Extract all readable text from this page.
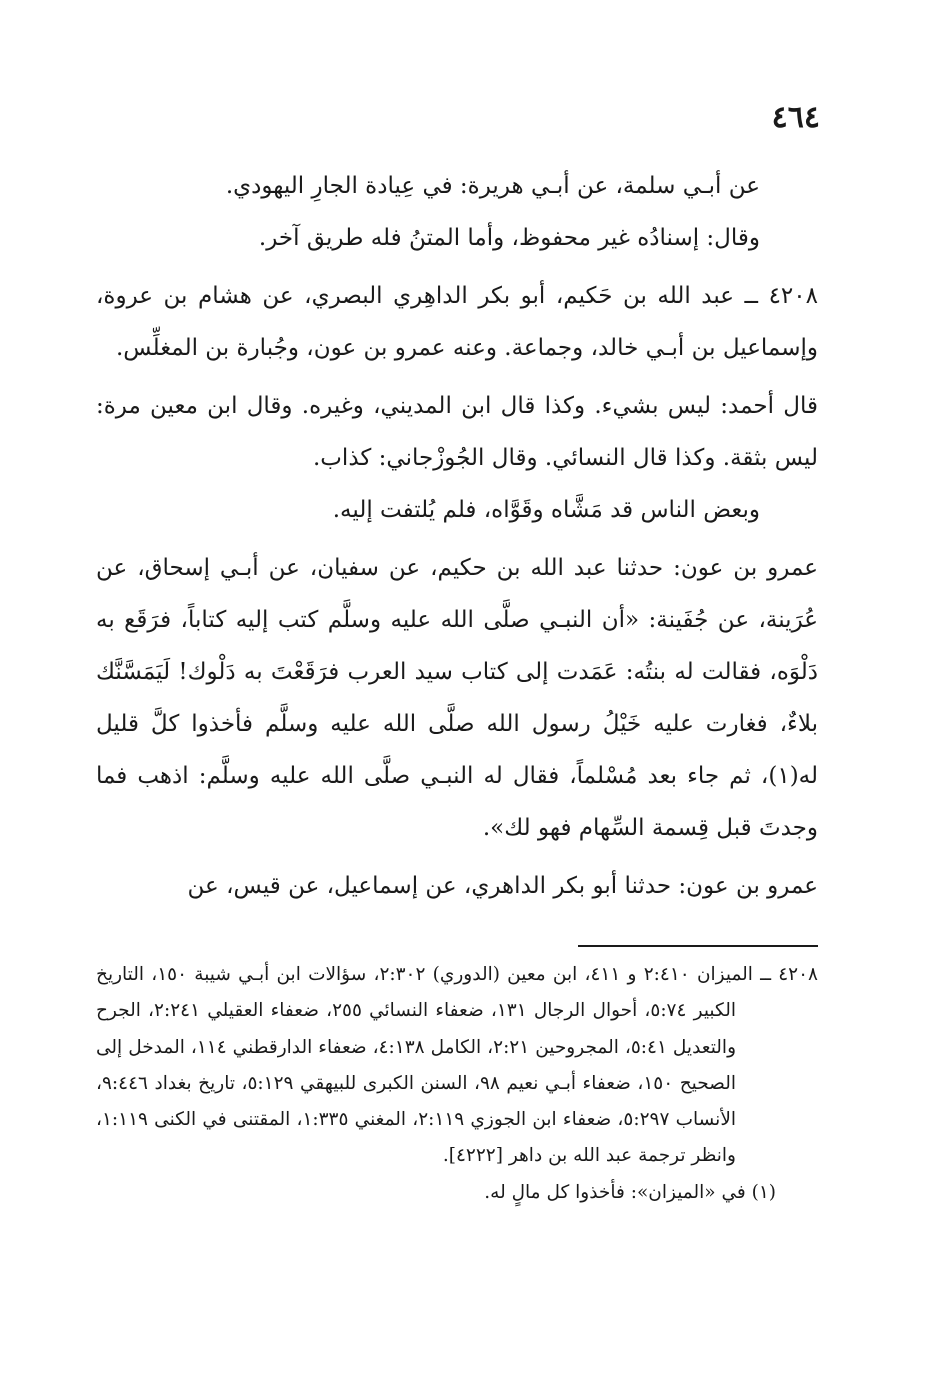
٤٦٤

عن أبـي سلمة، عن أبـي هريرة: في عِيادة الجارِ اليهودي.

وقال: إسنادُه غير محفوظ، وأما المتنُ فله طريق آخر.

٤٢٠٨ ــ عبد الله بن حَكيم، أبو بكر الداهِري البصري، عن هشام بن عروة، وإسماعيل بن أبـي خالد، وجماعة. وعنه عمرو بن عون، وجُبارة بن المغلِّس.

قال أحمد: ليس بشيء. وكذا قال ابن المديني، وغيره. وقال ابن معين مرة: ليس بثقة. وكذا قال النسائي. وقال الجُوزْجاني: كذاب.

وبعض الناس قد مَشَّاه وقَوَّاه، فلم يُلتفت إليه.

عمرو بن عون: حدثنا عبد الله بن حكيم، عن سفيان، عن أبـي إسحاق، عن عُرَينة، عن جُفَينة: «أن النبـي صلَّى الله عليه وسلَّم كتب إليه كتاباً، فرَقَع به دَلْوَه، فقالت له بنتُه: عَمَدت إلى كتاب سيد العرب فرَقَعْتَ به دَلْوك! لَيَمَسَّنَّك بلاءٌ، فغارت عليه خَيْلُ رسول الله صلَّى الله عليه وسلَّم فأخذوا كلَّ قليل له(١)، ثم جاء بعد مُسْلماً، فقال له النبـي صلَّى الله عليه وسلَّم: اذهب فما وجدتَ قبل قِسمة السِّهام فهو لك».

عمرو بن عون: حدثنا أبو بكر الداهري، عن إسماعيل، عن قيس، عن

٤٢٠٨ ــ الميزان ٢:٤١٠ و ٤١١، ابن معين (الدوري) ٢:٣٠٢، سؤالات ابن أبـي شيبة ١٥٠، التاريخ الكبير ٥:٧٤، أحوال الرجال ١٣١، ضعفاء النسائي ٢٥٥، ضعفاء العقيلي ٢:٢٤١، الجرح والتعديل ٥:٤١، المجروحين ٢:٢١، الكامل ٤:١٣٨، ضعفاء الدارقطني ١١٤، المدخل إلى الصحيح ١٥٠، ضعفاء أبـي نعيم ٩٨، السنن الكبرى للبيهقي ٥:١٢٩، تاريخ بغداد ٩:٤٤٦، الأنساب ٥:٢٩٧، ضعفاء ابن الجوزي ٢:١١٩، المغني ١:٣٣٥، المقتنى في الكنى ١:١١٩، وانظر ترجمة عبد الله بن داهر [٤٢٢٢].

(١) في «الميزان»: فأخذوا كل مالٍ له.
